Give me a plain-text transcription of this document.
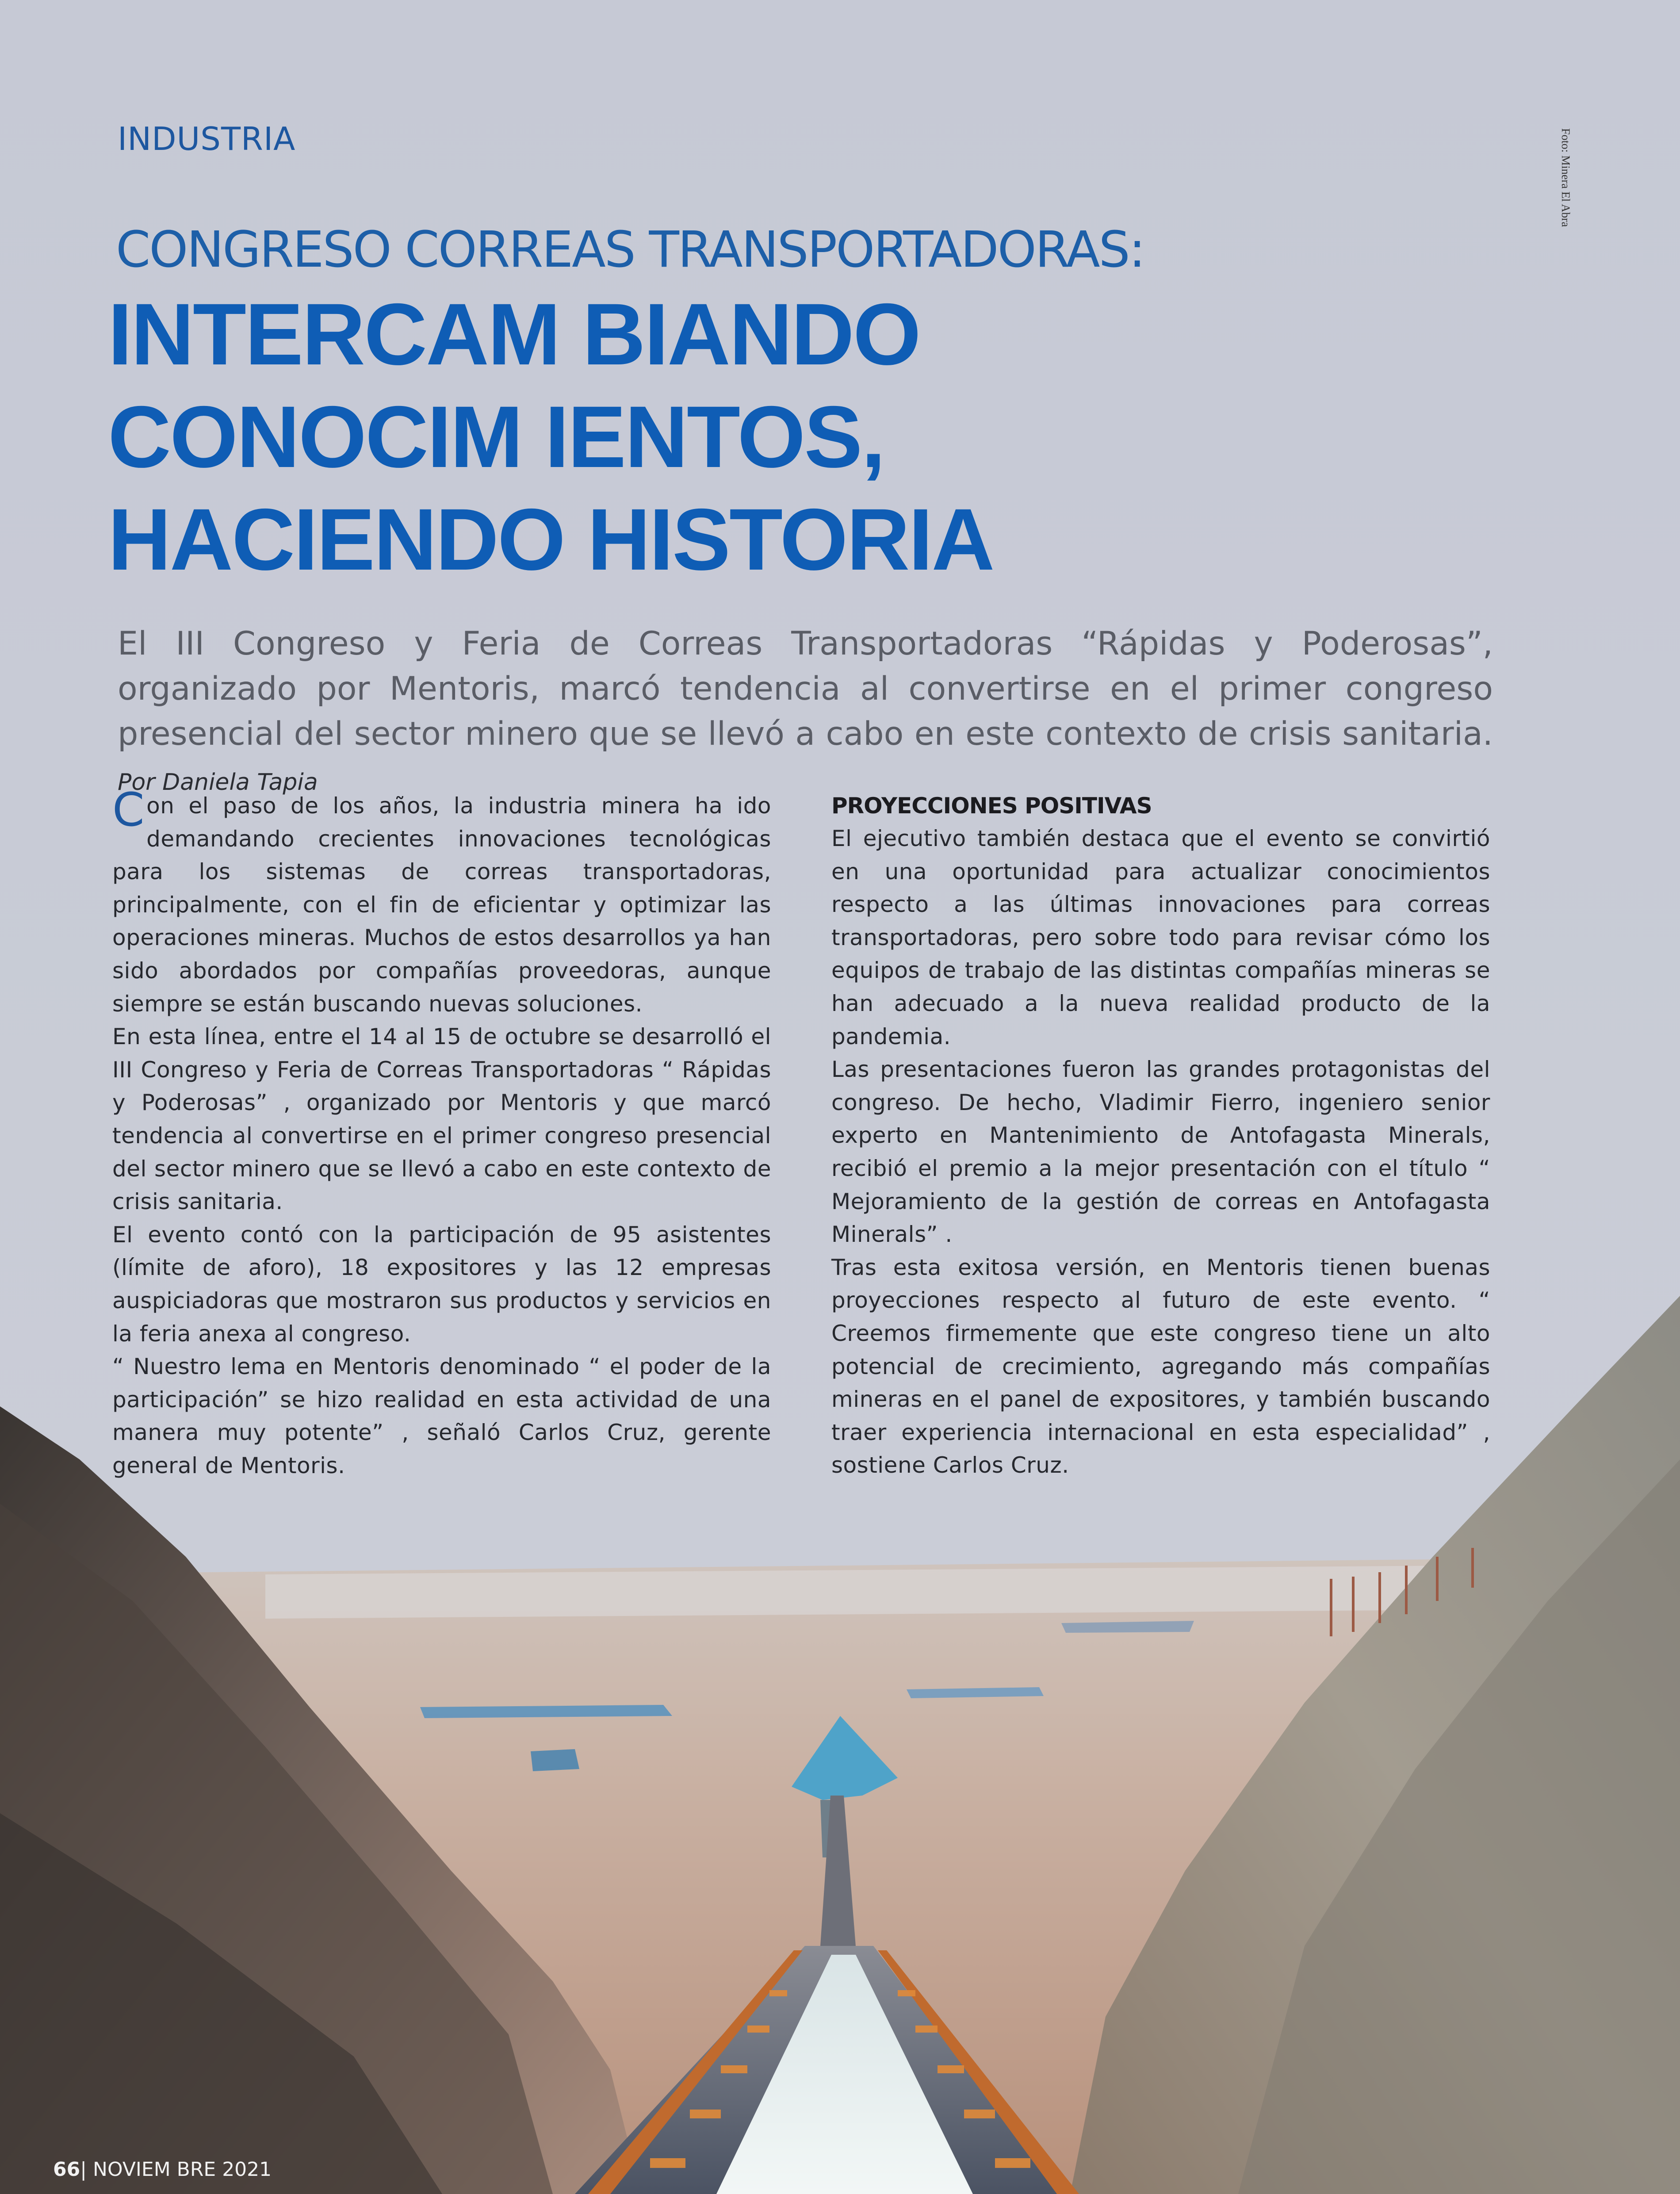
INDUSTRIA	Foto: Minera El Abra
CONGRESO CORREAS TRANSPORTADORAS:
INTERCAM BIANDO
CONOCIM IENTOS,
HACIENDO HISTORIA
El III Congreso y Feria de Correas Transportadoras “Rápidas y Poderosas”, organizado por Mentoris, marcó tendencia al convertirse en el primer congreso presencial del sector minero que se llevó a cabo en este contexto de crisis sanitaria. Por Daniela Tapia

Con el paso de los años, la industria minera ha ido demandando crecientes innovaciones tecnológicas para los sistemas de correas transportadoras, principalmente, con el fin de eficientar y optimizar las operaciones mineras. Muchos de estos desarrollos ya han sido abordados por compañías proveedoras, aunque siempre se están buscando nuevas soluciones.

En esta línea, entre el 14 al 15 de octubre se desarrolló el III Congreso y Feria de Correas Transportadoras “ Rápidas y Poderosas” , organizado por Mentoris y que marcó tendencia al convertirse en el primer congreso presencial del sector minero que se llevó a cabo en este contexto de crisis sanitaria.

El evento contó con la participación de 95 asistentes (límite de aforo), 18 expositores y las 12 empresas auspiciadoras que mostraron sus productos y servicios en la feria anexa al congreso.

“ Nuestro lema en Mentoris denominado “ el poder de la participación” se hizo realidad en esta actividad de una manera muy potente” , señaló Carlos Cruz, gerente general de Mentoris.

PROYECCIONES POSITIVAS

El ejecutivo también destaca que el evento se convirtió en una oportunidad para actualizar conocimientos respecto a las últimas innovaciones para correas transportadoras, pero sobre todo para revisar cómo los equipos de trabajo de las distintas compañías mineras se han adecuado a la nueva realidad producto de la pandemia.

Las presentaciones fueron las grandes protagonistas del congreso. De hecho, Vladimir Fierro, ingeniero senior experto en Mantenimiento de Antofagasta Minerals, recibió el premio a la mejor presentación con el título “ Mejoramiento de la gestión de correas en Antofagasta Minerals” .

Tras esta exitosa versión, en Mentoris tienen buenas proyecciones respecto al futuro de este evento. “ Creemos firmemente que este congreso tiene un alto potencial de crecimiento, agregando más compañías mineras en el panel de expositores, y también buscando traer experiencia internacional en esta especialidad” , sostiene Carlos Cruz.

66| NOVIEM BRE 2021
